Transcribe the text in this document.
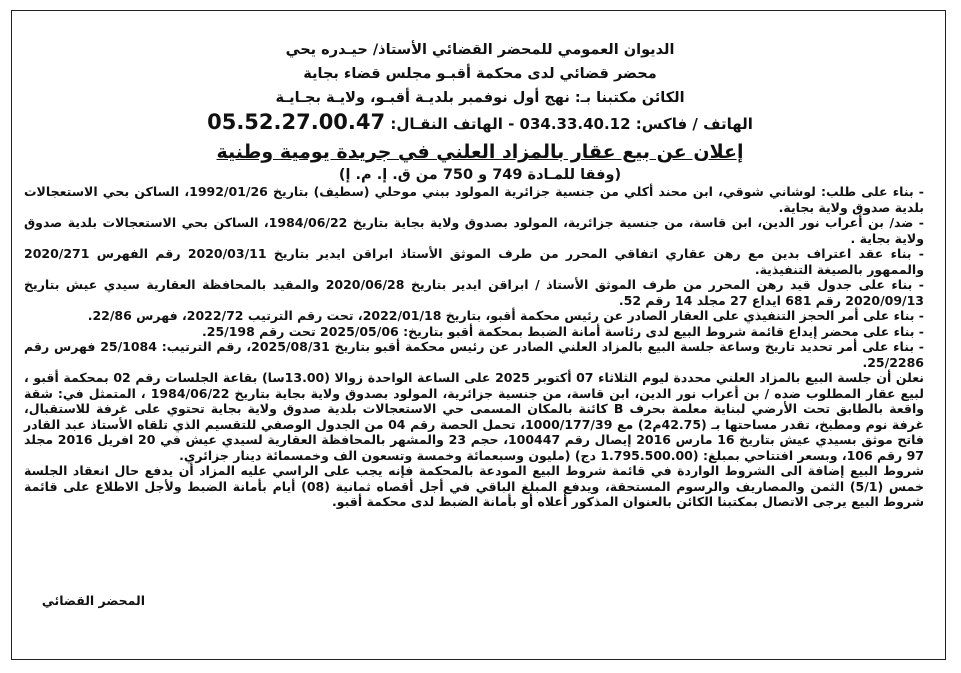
الديوان العمومي للمحضر القضائي الأستاذ/ حيـدره يحي
محضر قضائي لدى محكمة أقبـو مجلس قضاء بجاية
الكائن مكتبنا بـ: نهج أول نوفمبر بلديـة أقبـو، ولايـة بجـايـة
الهاتف / فاكس: 034.33.40.12 - الهاتف النقـال: 05.52.27.00.47
إعلان عن بيع عقار بالمزاد العلني في جريدة يومية وطنية
(وفقا للمـادة 749 و 750 من ق. إ. م. إ)

- بناء على طلب: لوشاني شوقي، ابن محند أكلي من جنسية جزائرية المولود ببني موحلي (سطيف) بتاريخ 1992/01/26، الساكن بحي الاستعجالات بلدية صدوق ولاية بجاية.

- ضد/ بن أعراب نور الدين، ابن قاسة، من جنسية جزائرية، المولود بصدوق ولاية بجاية بتاريخ 1984/06/22، الساكن بحي الاستعجالات بلدية صدوق ولاية بجاية .

- بناء عقد اعتراف بدين مع رهن عقاري اتفاقي المحرر من طرف الموثق الأستاذ ابراقن ايدير بتاريخ 2020/03/11 رقم الفهرس 2020/271 والممهور بالصيغة التنفيذية.

- بناء على جدول قيد رهن المحرر من طرف الموثق الأستاذ / ابراقن ايدير بتاريخ 2020/06/28 والمقيد بالمحافظة العقارية سيدي عيش بتاريخ 2020/09/13 رقم 681 ايداع 27 مجلد 14 رقم 52.

- بناء على أمر الحجز التنفيذي على العقار الصادر عن رئيس محكمة أقبو، بتاريخ 2022/01/18، تحت رقم الترتيب 2022/72، فهرس 22/86.

- بناء على محضر إيداع قائمة شروط البيع لدى رئاسة أمانة الضبط بمحكمة أقبو بتاريخ: 2025/05/06 تحت رقم 25/198.

- بناء على أمر تحديد تاريخ وساعة جلسة البيع بالمزاد العلني الصادر عن رئيس محكمة أقبو بتاريخ 2025/08/31، رقم الترتيب: 25/1084 فهرس رقم 25/2286.

نعلن أن جلسة البيع بالمزاد العلني محددة ليوم الثلاثاء 07 أكتوبر 2025 على الساعة الواحدة زوالا (13.00سا) بقاعة الجلسات رقم 02 بمحكمة أقبو ، لبيع عقار المطلوب ضده / بن أعراب نور الدين، ابن قاسة، من جنسية جزائرية، المولود بصدوق ولاية بجاية بتاريخ 1984/06/22 ، المتمثل في: شقة واقعة بالطابق تحت الأرضي لبناية معلمة بحرف B كائنة بالمكان المسمى حي الاستعجالات بلدية صدوق ولاية بجاية تحتوي على غرفة للاستقبال، غرفة نوم ومطبخ، تقدر مساحتها بـ (42.75م2) مع 1000/177/39، تحمل الحصة رقم 04 من الجدول الوصفي للتقسيم الذي تلقاه الأستاذ عبد القادر فاتح موثق بسيدي عيش بتاريخ 16 مارس 2016 إيصال رقم 100447، حجم 23 والمشهر بالمحافظة العقارية لسيدي عيش في 20 افريل 2016 مجلد 97 رقم 106، وبسعر افتتاحي بمبلغ: (1.795.500.00 دج) (مليون وسبعمائة وخمسة وتسعون الف وخمسمائة دينار جزائري.

شروط البيع إضافة الى الشروط الواردة في قائمة شروط البيع المودعة بالمحكمة فإنه يجب على الراسي عليه المزاد أن يدفع حال انعقاد الجلسة خمس (5/1) الثمن والمصاريف والرسوم المستحقة، ويدفع المبلغ الباقي في أجل أقصاه ثمانية (08) أيام بأمانة الضبط ولأجل الاطلاع على قائمة شروط البيع يرجى الاتصال بمكتبنا الكائن بالعنوان المذكور أعلاه أو بأمانة الضبط لدى محكمة أقبو.

المحضر القضائي
